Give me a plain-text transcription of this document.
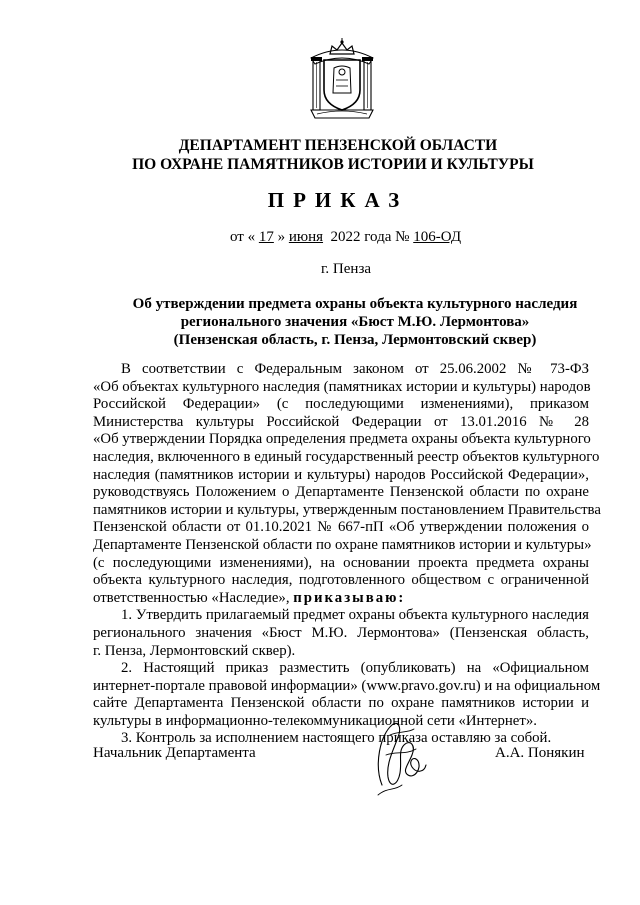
ДЕПАРТАМЕНТ ПЕНЗЕНСКОЙ ОБЛАСТИ
ПО ОХРАНЕ ПАМЯТНИКОВ ИСТОРИИ И КУЛЬТУРЫ
ПРИКАЗ
от « 17 » июня 2022 года № 106-ОД
г. Пенза
Об утверждении предмета охраны объекта культурного наследия
регионального значения «Бюст М.Ю. Лермонтова»
(Пензенская область, г. Пенза, Лермонтовский сквер)
В соответствии с Федеральным законом от 25.06.2002 № 73-ФЗ
«Об объектах культурного наследия (памятниках истории и культуры) народов
Российской Федерации» (с последующими изменениями), приказом
Министерства культуры Российской Федерации от 13.01.2016 № 28
«Об утверждении Порядка определения предмета охраны объекта культурного
наследия, включенного в единый государственный реестр объектов культурного
наследия (памятников истории и культуры) народов Российской Федерации»,
руководствуясь Положением о Департаменте Пензенской области по охране
памятников истории и культуры, утвержденным постановлением Правительства
Пензенской области от 01.10.2021 № 667-пП «Об утверждении положения о
Департаменте Пензенской области по охране памятников истории и культуры»
(с последующими изменениями), на основании проекта предмета охраны
объекта культурного наследия, подготовленного обществом с ограниченной
ответственностью «Наследие», приказываю:
1. Утвердить прилагаемый предмет охраны объекта культурного наследия
регионального значения «Бюст М.Ю. Лермонтова» (Пензенская область,
г. Пенза, Лермонтовский сквер).
2. Настоящий приказ разместить (опубликовать) на «Официальном
интернет-портале правовой информации» (www.pravo.gov.ru) и на официальном
сайте Департамента Пензенской области по охране памятников истории и
культуры в информационно-телекоммуникационной сети «Интернет».
3. Контроль за исполнением настоящего приказа оставляю за собой.
Начальник Департамента	А.А. Понякин
